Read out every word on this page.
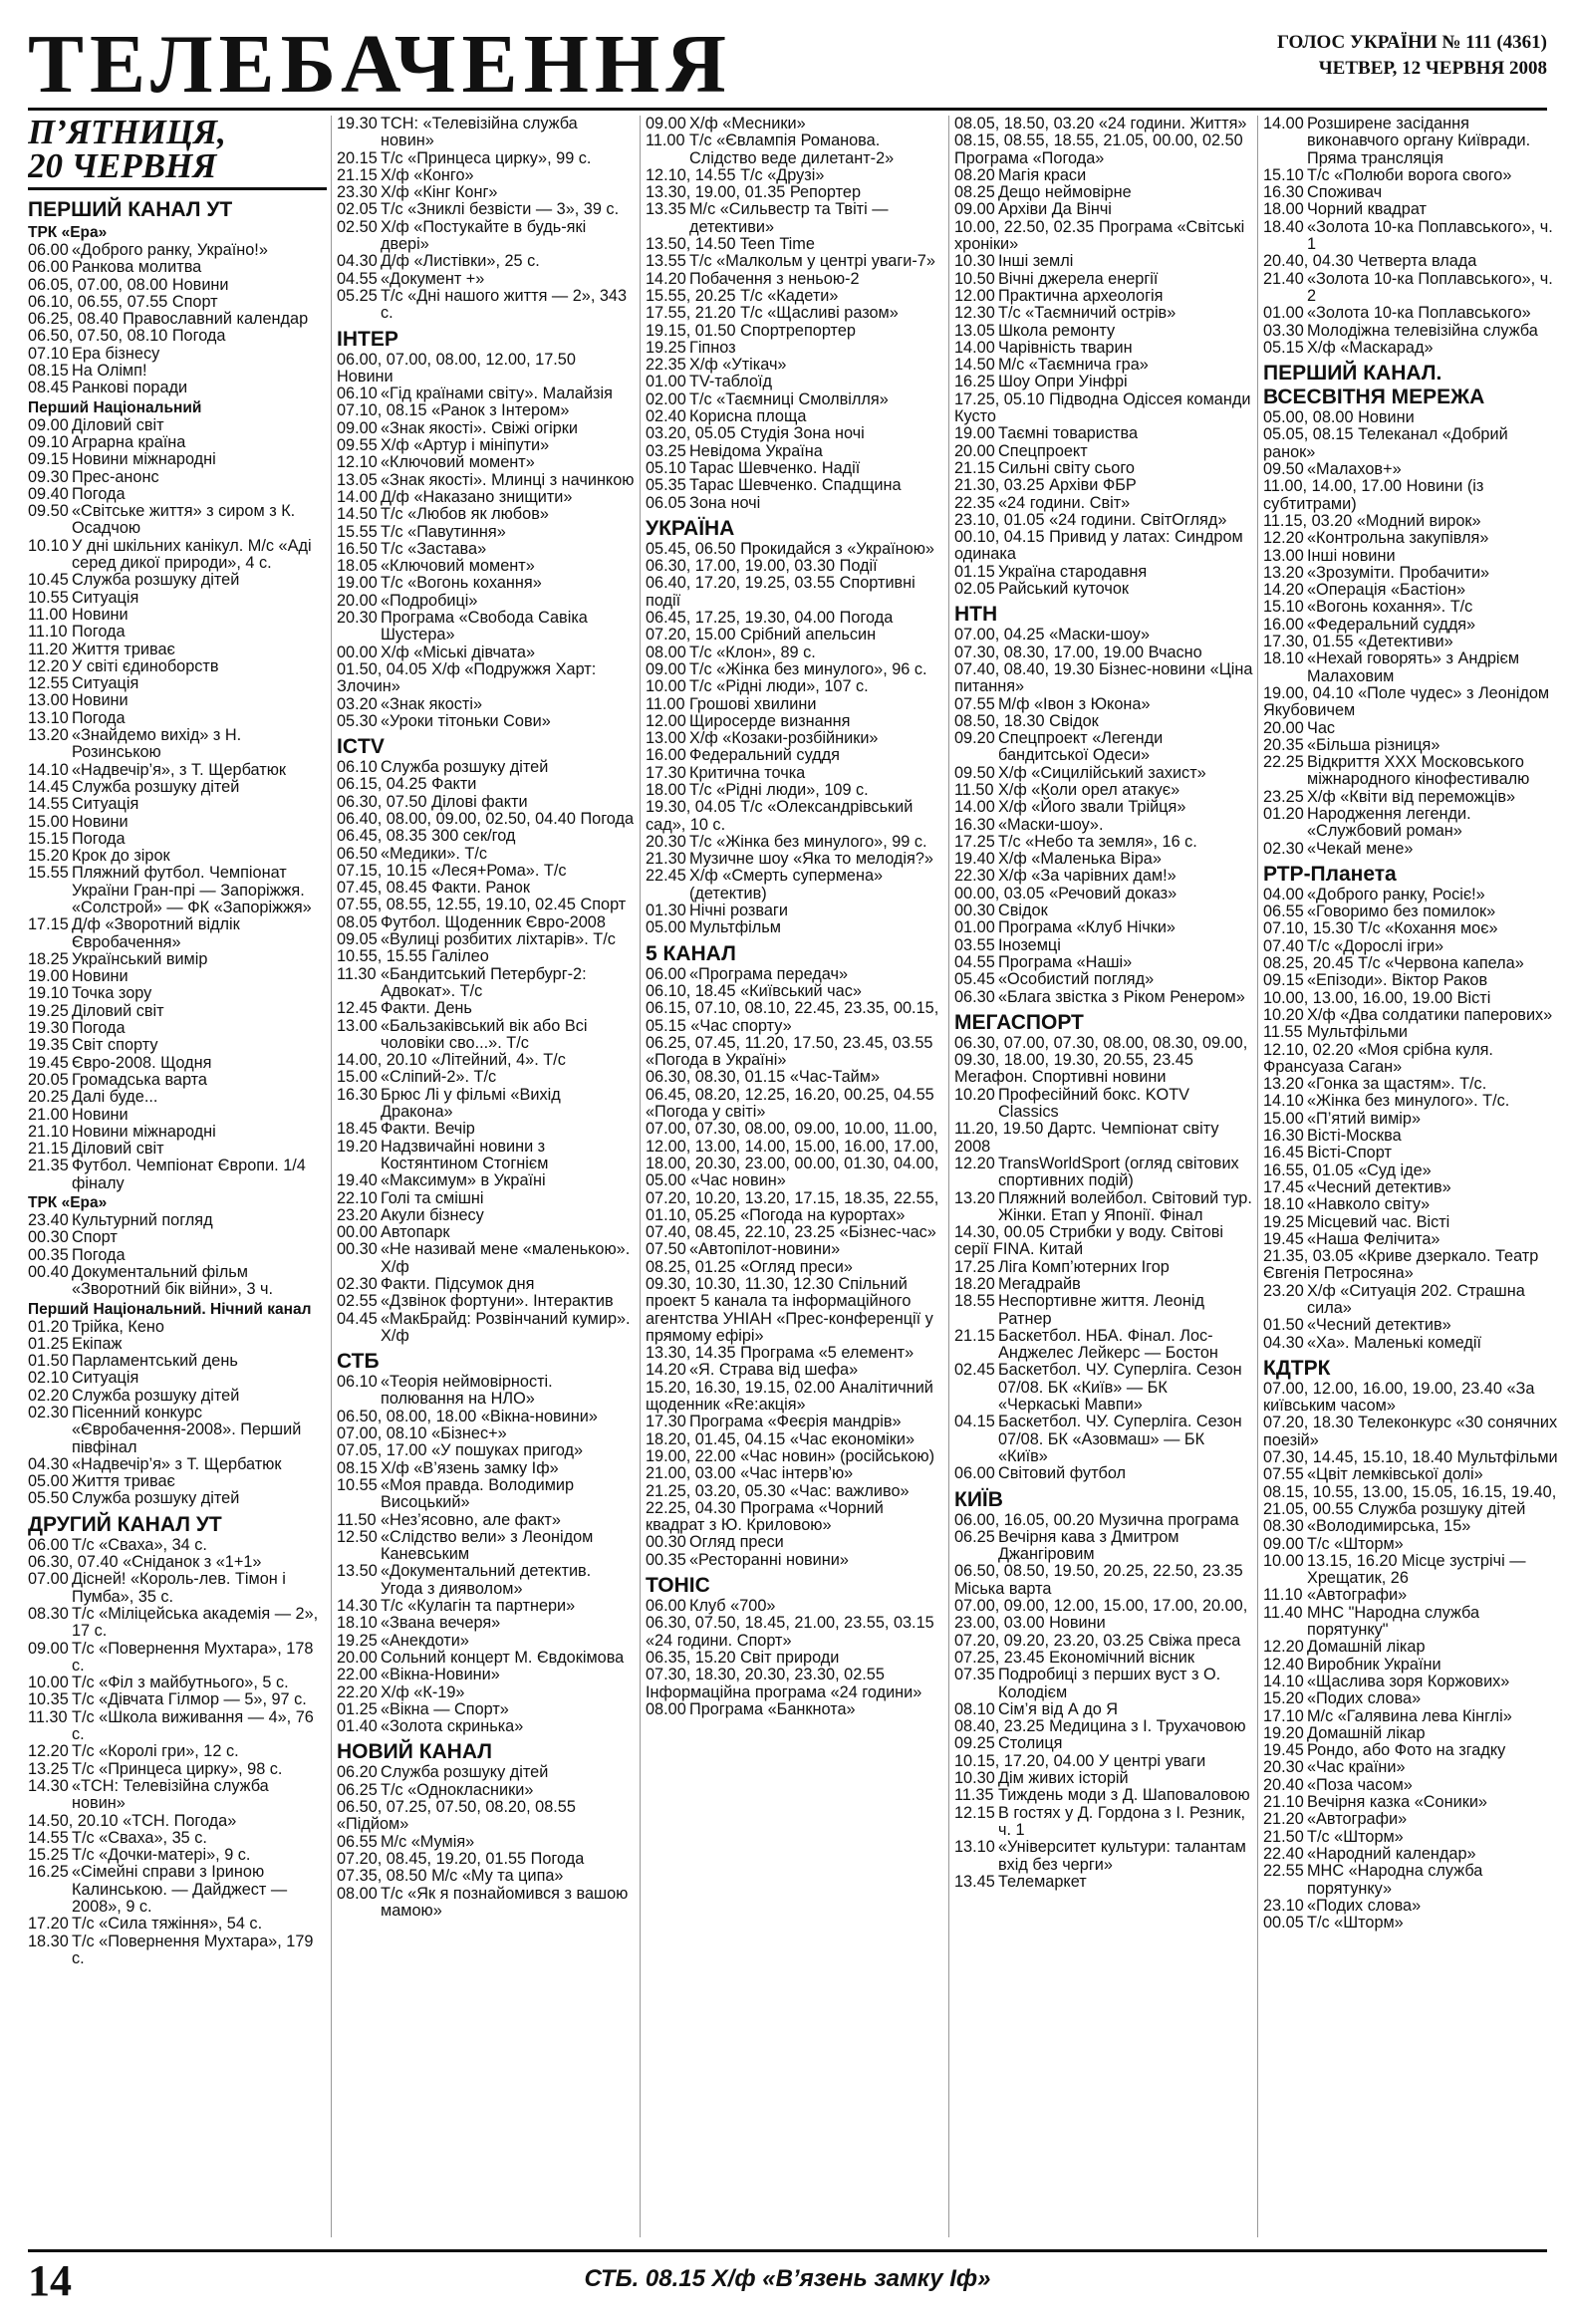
ТЕЛЕБАЧЕННЯ	ГОЛОС УКРАЇНИ № 111 (4361)
ЧЕТВЕР, 12 ЧЕРВНЯ 2008
П’ЯТНИЦЯ,
20 ЧЕРВНЯ
ПЕРШИЙ КАНАЛ УТ
ТРК «Ера»
06.00 «Доброго ранку, Україно!»
06.00 Ранкова молитва
06.05, 07.00, 08.00 Новини
06.10, 06.55, 07.55 Спорт
06.25, 08.40 Православний календар
06.50, 07.50, 08.10 Погода
07.10 Ера бізнесу
08.15 На Олімп!
08.45 Ранкові поради
Перший Національний
09.00 Діловий світ
09.10 Аграрна країна
09.15 Новини міжнародні
09.30 Прес-анонс
09.40 Погода
09.50 «Світське життя» з сиром з К. Осадчою
10.10 У дні шкільних канікул. М/с «Аді серед дикої природи», 4 с.
10.45 Служба розшуку дітей
10.55 Ситуація
11.00 Новини
11.10 Погода
11.20 Життя триває
12.20 У світі єдиноборств
12.55 Ситуація
13.00 Новини
13.10 Погода
13.20 «Знайдемо вихід» з Н. Розинською
14.10 «Надвечір’я», з Т. Щербатюк
14.45 Служба розшуку дітей
14.55 Ситуація
15.00 Новини
15.15 Погода
15.20 Крок до зірок
15.55 Пляжний футбол. Чемпіонат України Гран-прі — Запоріжжя. «Солстрой» — ФК «Запоріжжя»
17.15 Д/ф «Зворотний відлік Євробачення»
18.25 Український вимір
19.00 Новини
19.10 Точка зору
19.25 Діловий світ
19.30 Погода
19.35 Світ спорту
19.45 Євро-2008. Щодня
20.05 Громадська варта
20.25 Далі буде...
21.00 Новини
21.10 Новини міжнародні
21.15 Діловий світ
21.35 Футбол. Чемпіонат Європи. 1/4 фіналу
ТРК «Ера»
23.40 Культурний погляд
00.30 Спорт
00.35 Погода
00.40 Документальний фільм «Зворотний бік війни», 3 ч.
Перший Національний. Нічний канал
01.20 Трійка, Кено
01.25 Екіпаж
01.50 Парламентський день
02.10 Ситуація
02.20 Служба розшуку дітей
02.30 Пісенний конкурс «Євробачення-2008». Перший півфінал
04.30 «Надвечір’я» з Т. Щербатюк
05.00 Життя триває
05.50 Служба розшуку дітей
ДРУГИЙ КАНАЛ УТ
06.00 Т/с «Сваха», 34 с.
06.30, 07.40 «Сніданок з «1+1»
07.00 Дісней! «Король-лев. Тімон і Пумба», 35 с.
08.30 Т/с «Міліцейська академія — 2», 17 с.
09.00 Т/с «Повернення Мухтара», 178 с.
10.00 Т/с «Філ з майбутнього», 5 с.
10.35 Т/с «Дівчата Гілмор — 5», 97 с.
11.30 Т/с «Школа виживання — 4», 76 с.
12.20 Т/с «Королі гри», 12 с.
13.25 Т/с «Принцеса цирку», 98 с.
14.30 «ТСН: Телевізійна служба новин»
14.50, 20.10 «ТСН. Погода»
14.55 Т/с «Сваха», 35 с.
15.25 Т/с «Дочки-матері», 9 с.
16.25 «Сімейні справи з Іриною Калинською. — Дайджест — 2008», 9 с.
17.20 Т/с «Сила тяжіння», 54 с.
18.30 Т/с «Повернення Мухтара», 179 с.
19.30 ТСН: «Телевізійна служба новин»
20.15 Т/с «Принцеса цирку», 99 с.
21.15 Х/ф «Конго»
23.30 Х/ф «Кінг Конг»
02.05 Т/с «Зниклі безвісти — 3», 39 с.
02.50 Х/ф «Постукайте в будь-які двері»
04.30 Д/ф «Лиcтівки», 25 с.
04.55 «Документ +»
05.25 Т/с «Дні нашого життя — 2», 343 с.
ІНТЕР
06.00, 07.00, 08.00, 12.00, 17.50 Новини
06.10 «Гід країнами світу». Малайзія
07.10, 08.15 «Ранок з Інтером»
09.00 «Знак якості». Свіжі огірки
09.55 Х/ф «Артур і мініпути»
12.10 «Ключовий момент»
13.05 «Знак якості». Млинці з начинкою
14.00 Д/ф «Наказано знищити»
14.50 Т/с «Любов як любов»
15.55 Т/с «Павутиння»
16.50 Т/с «Застава»
18.05 «Ключовий момент»
19.00 Т/с «Вогонь кохання»
20.00 «Подробиці»
20.30 Програма «Свобода Савіка Шустера»
00.00 Х/ф «Міські дівчата»
01.50, 04.05 Х/ф «Подружжя Харт: Злочин»
03.20 «Знак якості»
05.30 «Уроки тітоньки Сови»
ICTV
06.10 Служба розшуку дітей
06.15, 04.25 Факти
06.30, 07.50 Ділові факти
06.40, 08.00, 09.00, 02.50, 04.40 Погода
06.45, 08.35 300 сек/год
06.50 «Медики». Т/с
07.15, 10.15 «Леся+Рома». Т/с
07.45, 08.45 Факти. Ранок
07.55, 08.55, 12.55, 19.10, 02.45 Спорт
08.05 Футбол. Щоденник Євро-2008
09.05 «Вулиці розбитих ліхтарів». Т/с
10.55, 15.55 Галілео
11.30 «Бандитський Петербург-2: Адвокат». Т/с
12.45 Факти. День
13.00 «Бальзаківський вік або Всі чоловіки сво...». Т/с
14.00, 20.10 «Літейний, 4». Т/с
15.00 «Сліпий-2». Т/с
16.30 Брюс Лі у фільмі «Вихід Дракона»
18.45 Факти. Вечір
19.20 Надзвичайні новини з Костянтином Стогнієм
19.40 «Максимум» в Україні
22.10 Голі та смішні
23.20 Акули бізнесу
00.00 Автопарк
00.30 «Не називай мене «маленькою». Х/ф
02.30 Факти. Підсумок дня
02.55 «Дзвінок фортуни». Інтерактив
04.45 «МакБрайд: Розвінчаний кумир». Х/ф
СТБ
06.10 «Теорія неймовірності. полювання на НЛО»
06.50, 08.00, 18.00 «Вікна-новини»
07.00, 08.10 «Бізнес+»
07.05, 17.00 «У пошуках пригод»
08.15 Х/ф «В’язень замку Іф»
10.55 «Моя правда. Володимир Висоцький»
11.50 «Нез’ясовно, але факт»
12.50 «Слідство вели» з Леонідом Каневським
13.50 «Документальний детектив. Угода з дияволом»
14.30 Т/с «Кулагін та партнери»
18.10 «Звана вечеря»
19.25 «Анекдоти»
20.00 Сольний концерт М. Євдокімова
22.00 «Вікна-Новини»
22.20 Х/ф «К-19»
01.25 «Вікна — Спорт»
01.40 «Золота скринька»
НОВИЙ КАНАЛ
06.20 Служба розшуку дітей
06.25 Т/с «Однокласники»
06.50, 07.25, 07.50, 08.20, 08.55 «Підйом»
06.55 М/с «Мумія»
07.20, 08.45, 19.20, 01.55 Погода
07.35, 08.50 М/с «Му та ципа»
08.00 Т/с «Як я познайомився з вашою мамою»
09.00 Х/ф «Месники»
11.00 Т/с «Євлампія Романова. Слідство веде дилетант-2»
12.10, 14.55 Т/с «Друзі»
13.30, 19.00, 01.35 Репортер
13.35 М/с «Сильвестр та Твіті — детективи»
13.50, 14.50 Teen Time
13.55 Т/с «Малкольм у центрі уваги-7»
14.20 Побачення з неньою-2
15.55, 20.25 Т/с «Кадети»
17.55, 21.20 Т/с «Щасливі разом»
19.15, 01.50 Спортрепортер
19.25 Гіпноз
22.35 Х/ф «Утікач»
01.00 TV-таблоїд
02.00 Т/с «Таємниці Смолвілля»
02.40 Корисна площа
03.20, 05.05 Студія Зона ночі
03.25 Невідома Україна
05.10 Тарас Шевченко. Надії
05.35 Тарас Шевченко. Спадщина
06.05 Зона ночі
УКРАЇНА
05.45, 06.50 Прокидайся з «Україною»
06.30, 17.00, 19.00, 03.30 Події
06.40, 17.20, 19.25, 03.55 Спортивні події
06.45, 17.25, 19.30, 04.00 Погода
07.20, 15.00 Срібний апельсин
08.00 Т/с «Клон», 89 с.
09.00 Т/с «Жінка без минулого», 96 с.
10.00 Т/с «Рідні люди», 107 с.
11.00 Грошові хвилини
12.00 Щироcерде визнання
13.00 Х/ф «Козаки-розбійники»
16.00 Федеральний суддя
17.30 Критична точка
18.00 Т/с «Рідні люди», 109 с.
19.30, 04.05 Т/с «Олександрівський сад», 10 с.
20.30 Т/с «Жінка без минулого», 99 с.
21.30 Музичне шоу «Яка то мелодія?»
22.45 Х/ф «Смерть супермена» (детектив)
01.30 Нічні розваги
05.00 Мультфільм
5 КАНАЛ
06.00 «Програма передач»
06.10, 18.45 «Київський час»
06.15, 07.10, 08.10, 22.45, 23.35, 00.15, 05.15 «Час спорту»
06.25, 07.45, 11.20, 17.50, 23.45, 03.55 «Погода в Україні»
06.30, 08.30, 01.15 «Час-Тайм»
06.45, 08.20, 12.25, 16.20, 00.25, 04.55 «Погода у світі»
07.00, 07.30, 08.00, 09.00, 10.00, 11.00, 12.00, 13.00, 14.00, 15.00, 16.00, 17.00, 18.00, 20.30, 23.00, 00.00, 01.30, 04.00, 05.00 «Час новин»
07.20, 10.20, 13.20, 17.15, 18.35, 22.55, 01.10, 05.25 «Погода на курортах»
07.40, 08.45, 22.10, 23.25 «Бізнес-час»
07.50 «Автопілот-новини»
08.25, 01.25 «Огляд преси»
09.30, 10.30, 11.30, 12.30 Спільний проект 5 канала та інформаційного агентства УНІАН «Прес-конференції у прямому ефірі»
13.30, 14.35 Програма «5 елемент»
14.20 «Я. Страва від шефа»
15.20, 16.30, 19.15, 02.00 Аналітичний щоденник «Re:акція»
17.30 Програма «Феєрія мандрів»
18.20, 01.45, 04.15 «Час економіки»
19.00, 22.00 «Час новин» (російською)
21.00, 03.00 «Час інтерв’ю»
21.25, 03.20, 05.30 «Час: важливо»
22.25, 04.30 Програма «Чорний квадрат з Ю. Криловою»
00.30 Огляд преси
00.35 «Ресторанні новини»
ТОНІС
06.00 Клуб «700»
06.30, 07.50, 18.45, 21.00, 23.55, 03.15 «24 години. Спорт»
06.35, 15.20 Світ природи
07.30, 18.30, 20.30, 23.30, 02.55 Інформаційна програма «24 години»
08.00 Програма «Банкнота»
08.05, 18.50, 03.20 «24 години. Життя»
08.15, 08.55, 18.55, 21.05, 00.00, 02.50 Програма «Погода»
08.20 Магія краси
08.25 Дещо неймовірне
09.00 Архіви Да Вінчі
10.00, 22.50, 02.35 Програма «Світські хроніки»
10.30 Інші землі
10.50 Вічні джерела енергії
12.00 Практична археологія
12.30 Т/с «Таємничий острів»
13.05 Школа ремонту
14.00 Чарівність тварин
14.50 М/с «Таємнича гра»
16.25 Шоу Опри Уінфрі
17.25, 05.10 Підводна Одіссея команди Кусто
19.00 Таємні товариства
20.00 Спецпроект
21.15 Сильні світу сього
21.30, 03.25 Архіви ФБР
22.35 «24 години. Світ»
23.10, 01.05 «24 години. СвітОгляд»
00.10, 04.15 Привид у латах: Синдром одинака
01.15 Україна стародавня
02.05 Райський куточок
НТН
07.00, 04.25 «Маски-шоу»
07.30, 08.30, 17.00, 19.00 Вчасно
07.40, 08.40, 19.30 Бізнес-новини «Ціна питання»
07.55 М/ф «Івон з Юкона»
08.50, 18.30 Свідок
09.20 Спецпроект «Легенди бандитської Одеси»
09.50 Х/ф «Сицилійський захист»
11.50 Х/ф «Коли орел атакує»
14.00 Х/ф «Його звали Трійця»
16.30 «Маски-шоу».
17.25 Т/с «Небо та земля», 16 с.
19.40 Х/ф «Маленька Віра»
22.30 Х/ф «За чарівних дам!»
00.00, 03.05 «Речовий доказ»
00.30 Свідок
01.00 Програма «Клуб Нічки»
03.55 Іноземці
04.55 Програма «Наші»
05.45 «Особистий погляд»
06.30 «Блага звістка з Ріком Ренером»
МЕГАСПОРТ
06.30, 07.00, 07.30, 08.00, 08.30, 09.00, 09.30, 18.00, 19.30, 20.55, 23.45 Мегафон. Спортивні новини
10.20 Професійний бокс. KOTV Classics
11.20, 19.50 Дартс. Чемпіонат світу 2008
12.20 TransWorldSport (огляд світових спортивних подій)
13.20 Пляжний волейбол. Світовий тур. Жінки. Етап у Японії. Фінал
14.30, 00.05 Стрибки у воду. Світові серії FINA. Китай
17.25 Ліга Комп’ютерних Ігор
18.20 Мегадрайв
18.55 Неспортивне життя. Леонід Ратнер
21.15 Баскетбол. НБА. Фінал. Лос-Анджелес Лейкерс — Бостон
02.45 Баскетбол. ЧУ. Суперліга. Сезон 07/08. БК «Київ» — БК «Черкаські Мавпи»
04.15 Баскетбол. ЧУ. Суперліга. Сезон 07/08. БК «Азовмаш» — БК «Київ»
06.00 Світовий футбол
КИЇВ
06.00, 16.05, 00.20 Музична програма
06.25 Вечірня кава з Дмитром Джангіровим
06.50, 08.50, 19.50, 20.25, 22.50, 23.35 Міська варта
07.00, 09.00, 12.00, 15.00, 17.00, 20.00, 23.00, 03.00 Новини
07.20, 09.20, 23.20, 03.25 Свіжа преса
07.25, 23.45 Економічний вісник
07.35 Подробиці з перших вуст з О. Колодієм
08.10 Сім’я від А до Я
08.40, 23.25 Медицина з І. Трухачовою
09.25 Столиця
10.15, 17.20, 04.00 У центрі уваги
10.30 Дім живих історій
11.35 Тиждень моди з Д. Шаповаловою
12.15 В гостях у Д. Гордона з І. Резник, ч. 1
13.10 «Університет культури: талантам вхід без черги»
13.45 Телемаркет
14.00 Розширене засідання виконавчого органу Київради. Пряма трансляція
15.10 Т/с «Полюби ворога свого»
16.30 Споживач
18.00 Чорний квадрат
18.40 «Золота 10-ка Поплавського», ч. 1
20.40, 04.30 Четверта влада
21.40 «Золота 10-ка Поплавського», ч. 2
01.00 «Золота 10-ка Поплавського»
03.30 Молодіжна телевізійна служба
05.15 Х/ф «Маскарад»
ПЕРШИЙ КАНАЛ. ВСЕСВІТНЯ МЕРЕЖА
05.00, 08.00 Новини
05.05, 08.15 Телеканал «Добрий ранок»
09.50 «Малахов+»
11.00, 14.00, 17.00 Новини (із субтитрами)
11.15, 03.20 «Модний вирок»
12.20 «Контрольна закупівля»
13.00 Інші новини
13.20 «Зрозуміти. Пробачити»
14.20 «Операція «Бастіон»
15.10 «Вогонь кохання». Т/с
16.00 «Федеральний суддя»
17.30, 01.55 «Детективи»
18.10 «Нехай говорять» з Андрієм Малаховим
19.00, 04.10 «Поле чудес» з Леонідом Якубовичем
20.00 Час
20.35 «Більша різниця»
22.25 Відкриття XXX Московського міжнародного кінофестивалю
23.25 Х/ф «Квіти від переможців»
01.20 Народження легенди. «Службовий роман»
02.30 «Чекай мене»
РТР-Планета
04.00 «Доброго ранку, Росіє!»
06.55 «Говоримо без помилок»
07.10, 15.30 Т/с «Кохання моє»
07.40 Т/с «Дорослі ігри»
08.25, 20.45 Т/с «Червона капела»
09.15 «Епізоди». Віктор Раков
10.00, 13.00, 16.00, 19.00 Вісті
10.20 Х/ф «Два солдатики паперових»
11.55 Мультфільми
12.10, 02.20 «Моя срібна куля. Франсуаза Саган»
13.20 «Гонка за щастям». Т/с.
14.10 «Жінка без минулого». Т/с.
15.00 «П’ятий вимір»
16.30 Вісті-Москва
16.45 Вісті-Спорт
16.55, 01.05 «Суд іде»
17.45 «Чесний детектив»
18.10 «Навколо світу»
19.25 Місцевий час. Вісті
19.45 «Наша Фелічита»
21.35, 03.05 «Криве дзеркало. Театр Євгенія Петросяна»
23.20 Х/ф «Ситуація 202. Страшна сила»
01.50 «Чесний детектив»
04.30 «Ха». Маленькі комедії
КДТРК
07.00, 12.00, 16.00, 19.00, 23.40 «За київським часом»
07.20, 18.30 Телеконкурс «30 сонячних поезій»
07.30, 14.45, 15.10, 18.40 Мультфільми
07.55 «Цвіт лемківської долі»
08.15, 10.55, 13.00, 15.05, 16.15, 19.40, 21.05, 00.55 Служба розшуку дітей
08.30 «Володимирська, 15»
09.00 Т/с «Шторм»
10.00 13.15, 16.20 Місце зустрічі — Хрещатик, 26
11.10 «Автографи»
11.40 МНС "Народна служба порятунку"
12.20 Домашній лікар
12.40 Виробник України
14.10 «Щаслива зоря Коржових»
15.20 «Подих слова»
17.10 М/с «Галявина лева Кінглі»
19.20 Домашній лікар
19.45 Рондо, або Фото на згадку
20.30 «Час країни»
20.40 «Поза часом»
21.10 Вечірня казка «Соники»
21.20 «Автографи»
21.50 Т/с «Шторм»
22.40 «Народний календар»
22.55 МНС «Народна служба порятунку»
23.10 «Подих слова»
00.05 Т/с «Шторм»
14	СТБ. 08.15 Х/ф «В’язень замку Іф»
